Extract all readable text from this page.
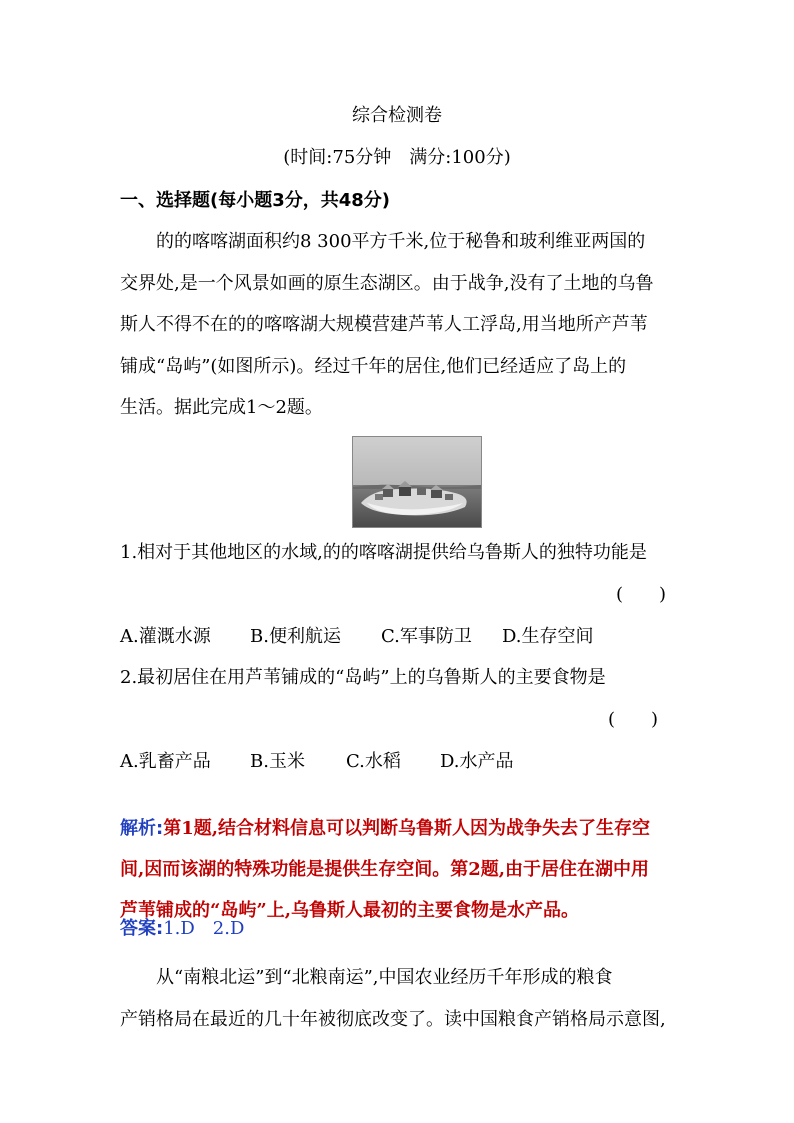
综合检测卷
(时间:75分钟　满分:100分)
一、选择题(每小题3分，共48分)
的的喀喀湖面积约8 300平方千米,位于秘鲁和玻利维亚两国的
交界处,是一个风景如画的原生态湖区。由于战争,没有了土地的乌鲁
斯人不得不在的的喀喀湖大规模营建芦苇人工浮岛,用当地所产芦苇
铺成“岛屿”(如图所示)。经过千年的居住,他们已经适应了岛上的
生活。据此完成1～2题。
1.相对于其他地区的水域,的的喀喀湖提供给乌鲁斯人的独特功能是
(　　)
A.灌溉水源 B.便利航运 C.军事防卫 D.生存空间
2.最初居住在用芦苇铺成的“岛屿”上的乌鲁斯人的主要食物是
(　　)
A.乳畜产品 B.玉米 C.水稻 D.水产品
解析:第1题,结合材料信息可以判断乌鲁斯人因为战争失去了生存空
间,因而该湖的特殊功能是提供生存空间。第2题,由于居住在湖中用
芦苇铺成的“岛屿”上,乌鲁斯人最初的主要食物是水产品。
答案:1.D　2.D
从“南粮北运”到“北粮南运”,中国农业经历千年形成的粮食
产销格局在最近的几十年被彻底改变了。读中国粮食产销格局示意图,
